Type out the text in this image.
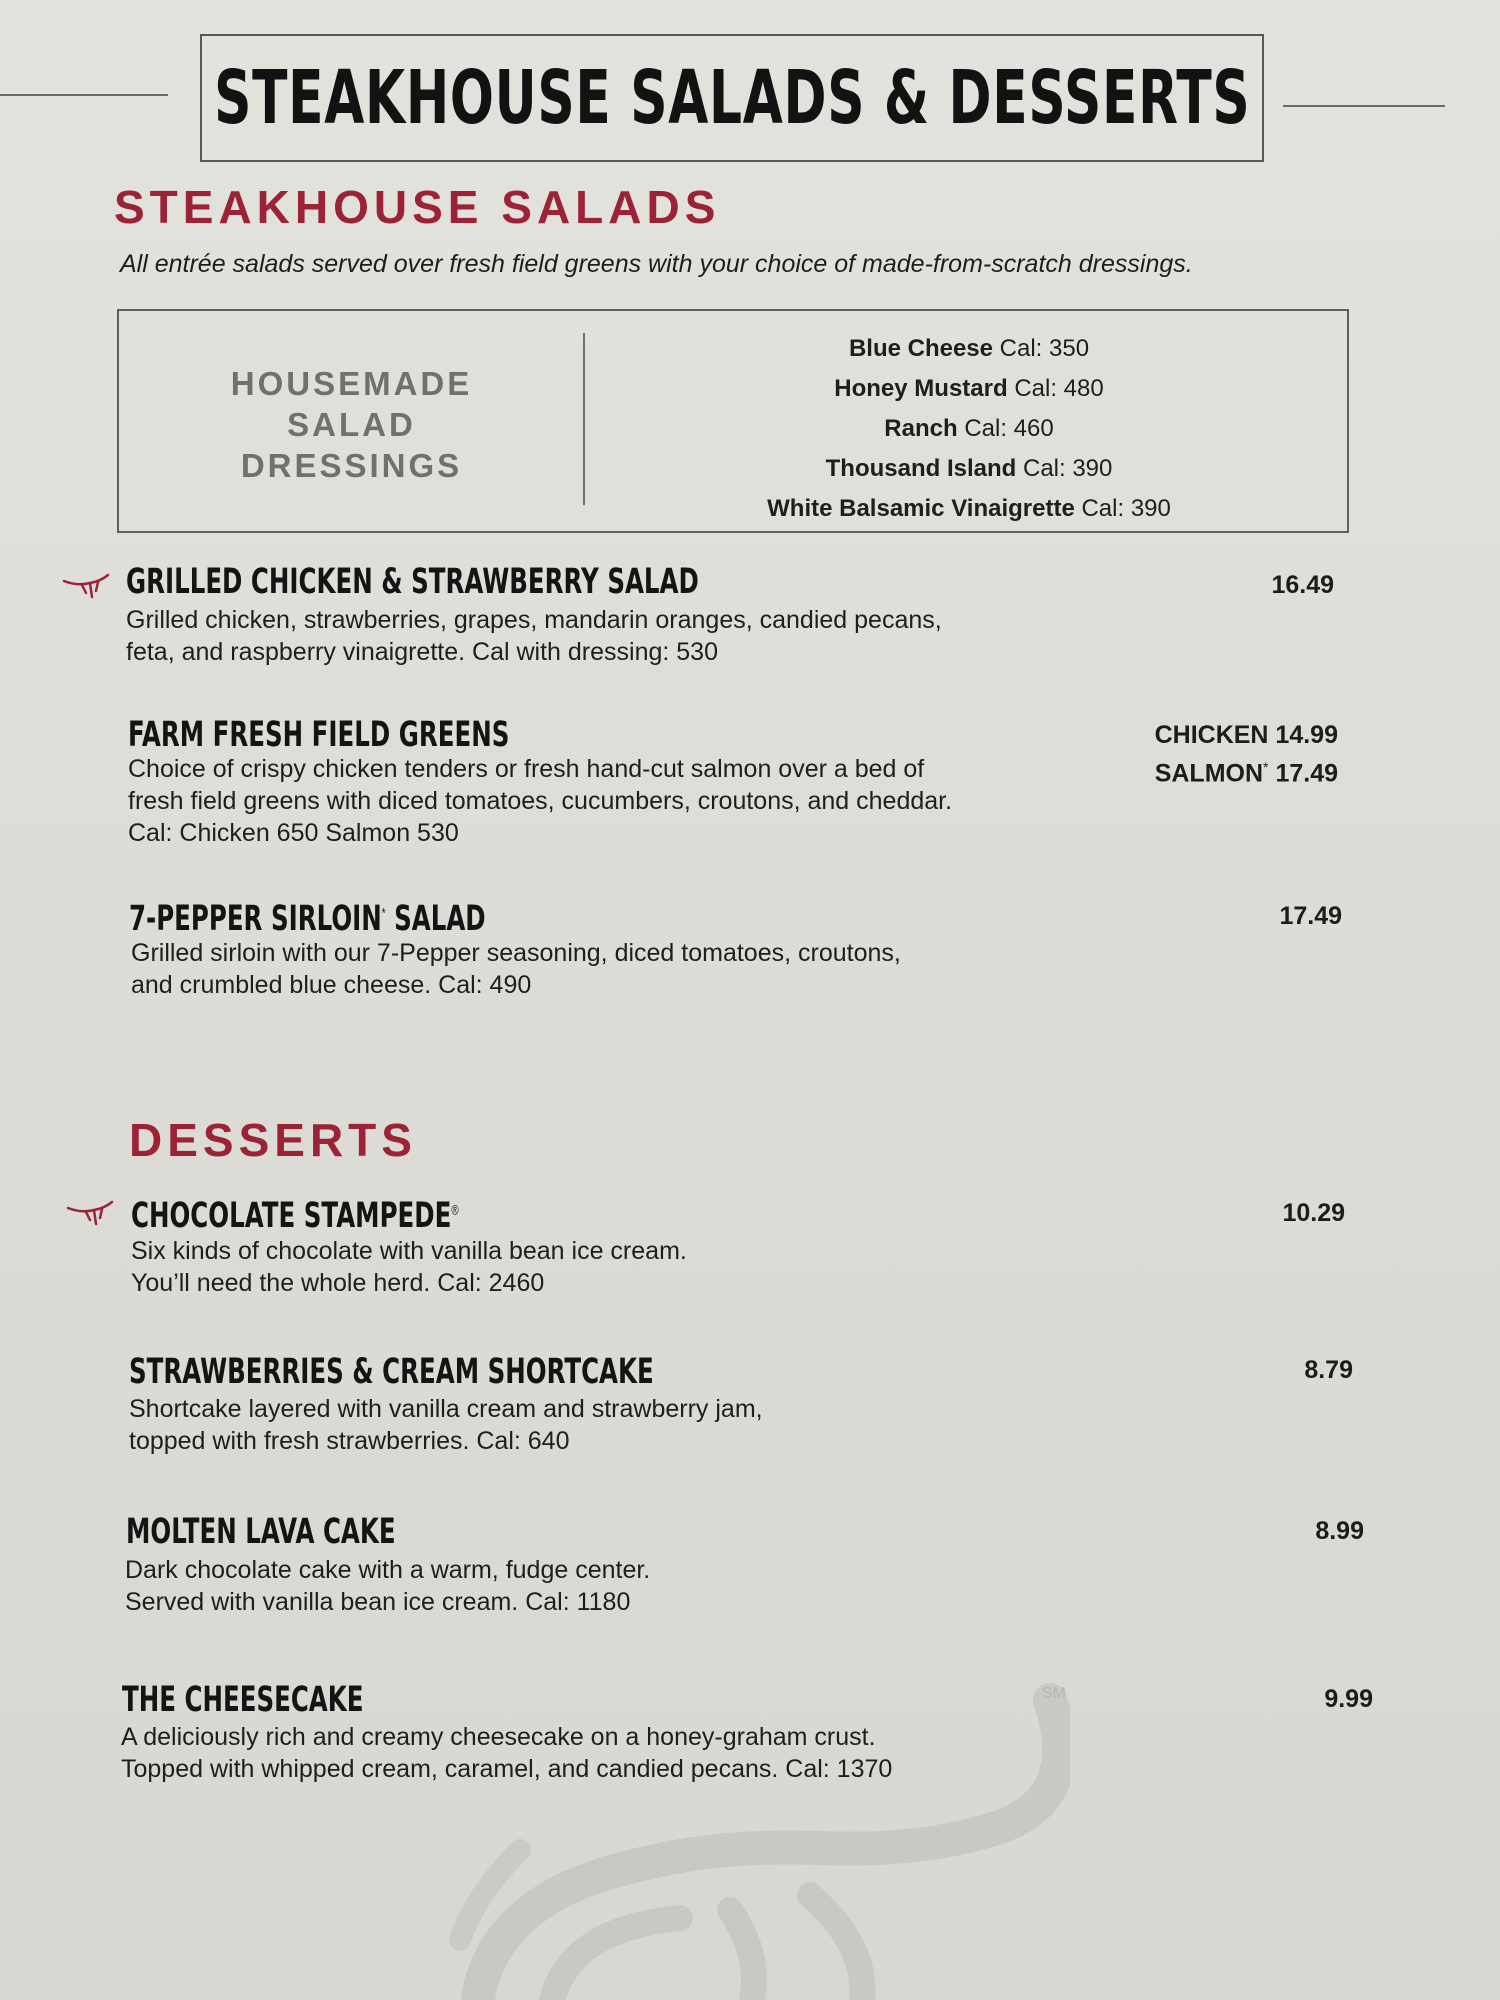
STEAKHOUSE SALADS & DESSERTS
STEAKHOUSE SALADS
All entrée salads served over fresh field greens with your choice of made-from-scratch dressings.
HOUSEMADE
SALAD
DRESSINGS
Blue Cheese Cal: 350
Honey Mustard Cal: 480
Ranch Cal: 460
Thousand Island Cal: 390
White Balsamic Vinaigrette Cal: 390
GRILLED CHICKEN & STRAWBERRY SALAD	16.49
Grilled chicken, strawberries, grapes, mandarin oranges, candied pecans,
feta, and raspberry vinaigrette. Cal with dressing: 530
FARM FRESH FIELD GREENS	CHICKEN 14.99
SALMON* 17.49
Choice of crispy chicken tenders or fresh hand-cut salmon over a bed of
fresh field greens with diced tomatoes, cucumbers, croutons, and cheddar.
Cal: Chicken 650 Salmon 530
7-PEPPER SIRLOIN* SALAD	17.49
Grilled sirloin with our 7-Pepper seasoning, diced tomatoes, croutons,
and crumbled blue cheese. Cal: 490
DESSERTS
CHOCOLATE STAMPEDE®	10.29
Six kinds of chocolate with vanilla bean ice cream.
You’ll need the whole herd. Cal: 2460
STRAWBERRIES & CREAM SHORTCAKE	8.79
Shortcake layered with vanilla cream and strawberry jam,
topped with fresh strawberries. Cal: 640
MOLTEN LAVA CAKE	8.99
Dark chocolate cake with a warm, fudge center.
Served with vanilla bean ice cream. Cal: 1180
THE CHEESECAKE	9.99
A deliciously rich and creamy cheesecake on a honey-graham crust.
Topped with whipped cream, caramel, and candied pecans. Cal: 1370
SM
